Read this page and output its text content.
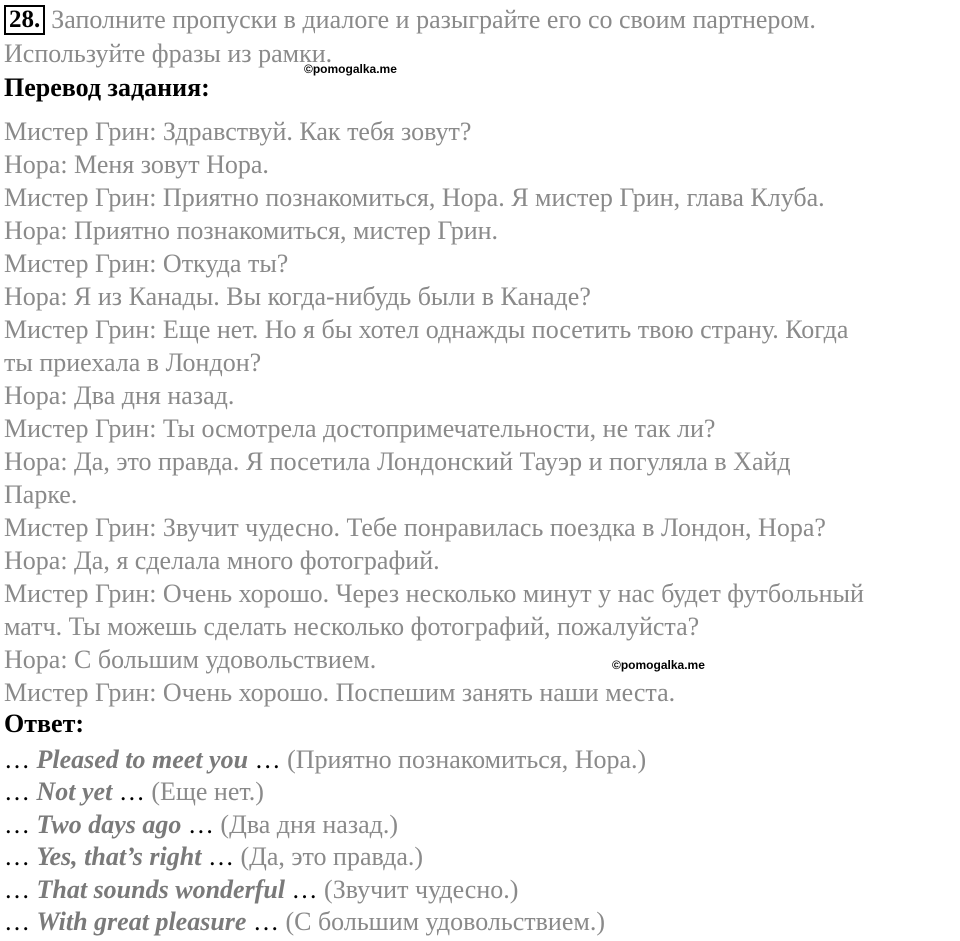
28. Заполните пропуски в диалоге и разыграйте его со своим партнером.
Используйте фразы из рамки.
©pomogalka.me
Перевод задания:
Мистер Грин: Здравствуй. Как тебя зовут?
Нора: Меня зовут Нора.
Мистер Грин: Приятно познакомиться, Нора. Я мистер Грин, глава Клуба.
Нора: Приятно познакомиться, мистер Грин.
Мистер Грин: Откуда ты?
Нора: Я из Канады. Вы когда-нибудь были в Канаде?
Мистер Грин: Еще нет. Но я бы хотел однажды посетить твою страну. Когда
ты приехала в Лондон?
Нора: Два дня назад.
Мистер Грин: Ты осмотрела достопримечательности, не так ли?
Нора: Да, это правда. Я посетила Лондонский Тауэр и погуляла в Хайд
Парке.
Мистер Грин: Звучит чудесно. Тебе понравилась поездка в Лондон, Нора?
Нора: Да, я сделала много фотографий.
Мистер Грин: Очень хорошо. Через несколько минут у нас будет футбольный
матч. Ты можешь сделать несколько фотографий, пожалуйста?
Нора: С большим удовольствием.
Мистер Грин: Очень хорошо. Поспешим занять наши места.
©pomogalka.me
Ответ:
… Pleased to meet you … (Приятно познакомиться, Нора.)
… Not yet … (Еще нет.)
… Two days ago … (Два дня назад.)
… Yes, that’s right … (Да, это правда.)
… That sounds wonderful … (Звучит чудесно.)
… With great pleasure … (С большим удовольствием.)
